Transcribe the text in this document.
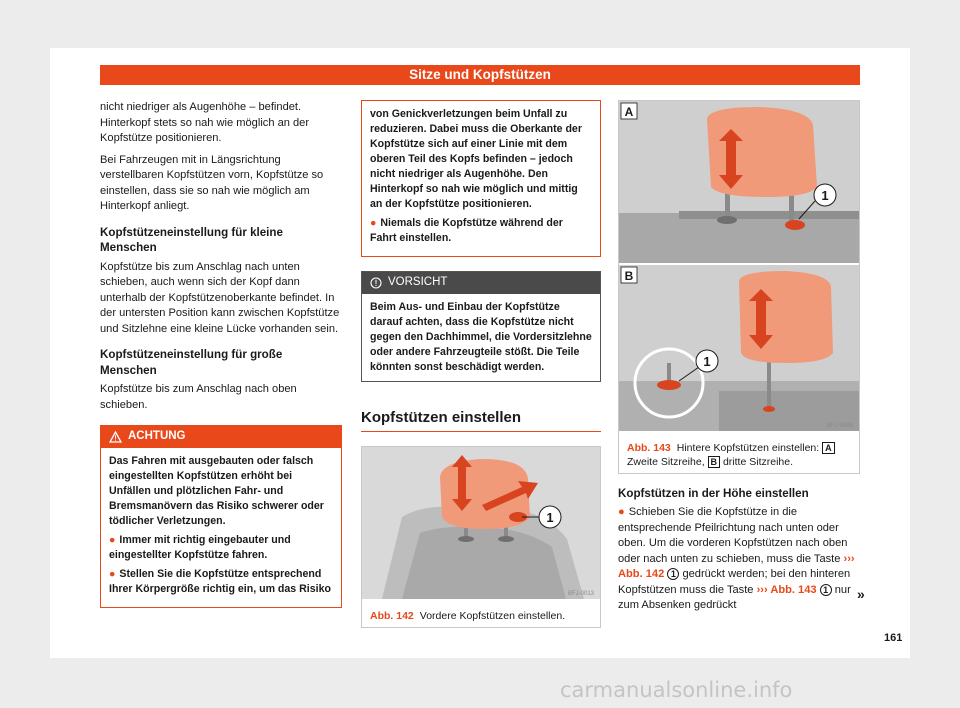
Sitze und Kopfstützen

nicht niedriger als Augenhöhe – befindet. Hinterkopf stets so nah wie möglich an der Kopfstütze positionieren.

Bei Fahrzeugen mit in Längsrichtung verstellbaren Kopfstützen vorn, Kopfstütze so einstellen, dass sie so nah wie möglich am Hinterkopf anliegt.

Kopfstützeneinstellung für kleine Menschen

Kopfstütze bis zum Anschlag nach unten schieben, auch wenn sich der Kopf dann unterhalb der Kopfstützenoberkante befindet. In der untersten Position kann zwischen Kopfstütze und Sitzlehne eine kleine Lücke vorhanden sein.

Kopfstützeneinstellung für große Menschen

Kopfstütze bis zum Anschlag nach oben schieben.

ACHTUNG

Das Fahren mit ausgebauten oder falsch eingestellten Kopfstützen erhöht bei Unfällen und plötzlichen Fahr- und Bremsmanövern das Risiko schwerer oder tödlicher Verletzungen.

● Immer mit richtig eingebauter und eingestellter Kopfstütze fahren.

● Stellen Sie die Kopfstütze entsprechend Ihrer Körpergröße richtig ein, um das Risiko

von Genickverletzungen beim Unfall zu reduzieren. Dabei muss die Oberkante der Kopfstütze sich auf einer Linie mit dem oberen Teil des Kopfs befinden – jedoch nicht niedriger als Augenhöhe. Den Hinterkopf so nah wie möglich und mittig an der Kopfstütze positionieren.

● Niemals die Kopfstütze während der Fahrt einstellen.

VORSICHT
Beim Aus- und Einbau der Kopfstütze darauf achten, dass die Kopfstütze nicht gegen den Dachhimmel, die Vordersitzlehne oder andere Fahrzeugteile stößt. Die Teile könnten sonst beschädigt werden.
Kopfstützen einstellen
1
BFJ-0013
Abb. 142 Vordere Kopfstützen einstellen.
1
A
1
B
BFJ-0088
Abb. 143 Hintere Kopfstützen einstellen: A
Zweite Sitzreihe, B dritte Sitzreihe.
Kopfstützen in der Höhe einstellen

● Schieben Sie die Kopfstütze in die entsprechende Pfeilrichtung nach unten oder oben. Um die vorderen Kopfstützen nach oben oder nach unten zu schieben, muss die Taste ››› Abb. 142 1 gedrückt werden; bei den hinteren Kopfstützen muss die Taste ››› Abb. 143 1 nur zum Absenken gedrückt

»
161
carmanualsonline.info
